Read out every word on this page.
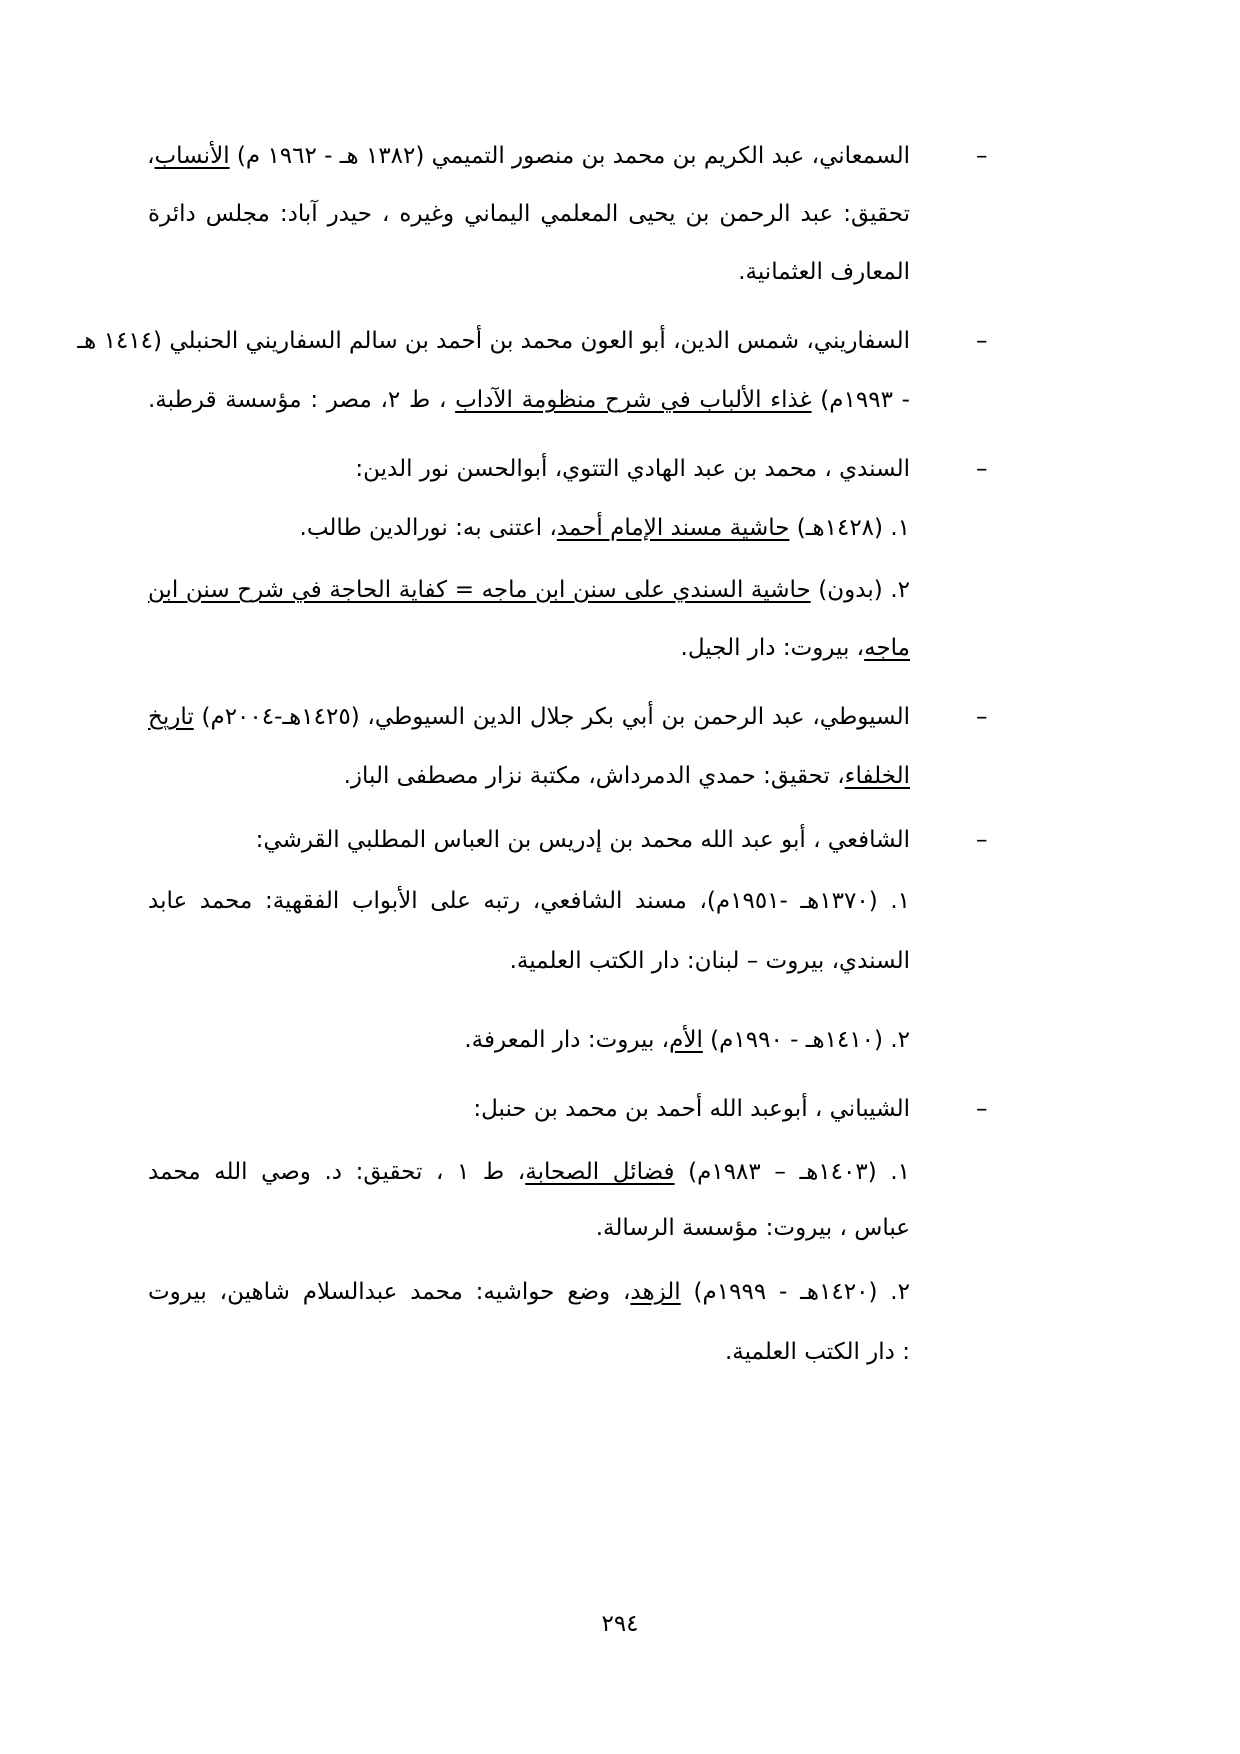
–
السمعاني، عبد الكريم بن محمد بن منصور التميمي (١٣٨٢ هـ - ١٩٦٢ م) الأنساب،
تحقيق: عبد الرحمن بن يحيى المعلمي اليماني وغيره ، حيدر آباد: مجلس دائرة
المعارف العثمانية.
–
السفاريني، شمس الدين، أبو العون محمد بن أحمد بن سالم السفاريني الحنبلي (١٤١٤ هـ
- ١٩٩٣م) غذاء الألباب في شرح منظومة الآداب ، ط ٢، مصر : مؤسسة قرطبة.
–
السندي ، محمد بن عبد الهادي التتوي، أبوالحسن نور الدين:
١. (١٤٢٨هـ) حاشية مسند الإمام أحمد، اعتنى به: نورالدين طالب.
٢. (بدون) حاشية السندي على سنن ابن ماجه = كفاية الحاجة في شرح سنن ابن
ماجه، بيروت: دار الجيل.
–
السيوطي، عبد الرحمن بن أبي بكر جلال الدين السيوطي، (١٤٢٥هـ-٢٠٠٤م) تاريخ
الخلفاء، تحقيق: حمدي الدمرداش، مكتبة نزار مصطفى الباز.
–
الشافعي ، أبو عبد الله محمد بن إدريس بن العباس المطلبي القرشي:
١. (١٣٧٠هـ -١٩٥١م)، مسند الشافعي، رتبه على الأبواب الفقهية: محمد عابد
السندي، بيروت – لبنان: دار الكتب العلمية.
٢. (١٤١٠هـ - ١٩٩٠م) الأم، بيروت: دار المعرفة.
–
الشيباني ، أبوعبد الله أحمد بن محمد بن حنبل:
١. (١٤٠٣هـ – ١٩٨٣م) فضائل الصحابة، ط ١ ، تحقيق: د. وصي الله محمد
عباس ، بيروت: مؤسسة الرسالة.
٢. (١٤٢٠هـ - ١٩٩٩م) الزهد، وضع حواشيه: محمد عبدالسلام شاهين، بيروت
: دار الكتب العلمية.
٢٩٤
